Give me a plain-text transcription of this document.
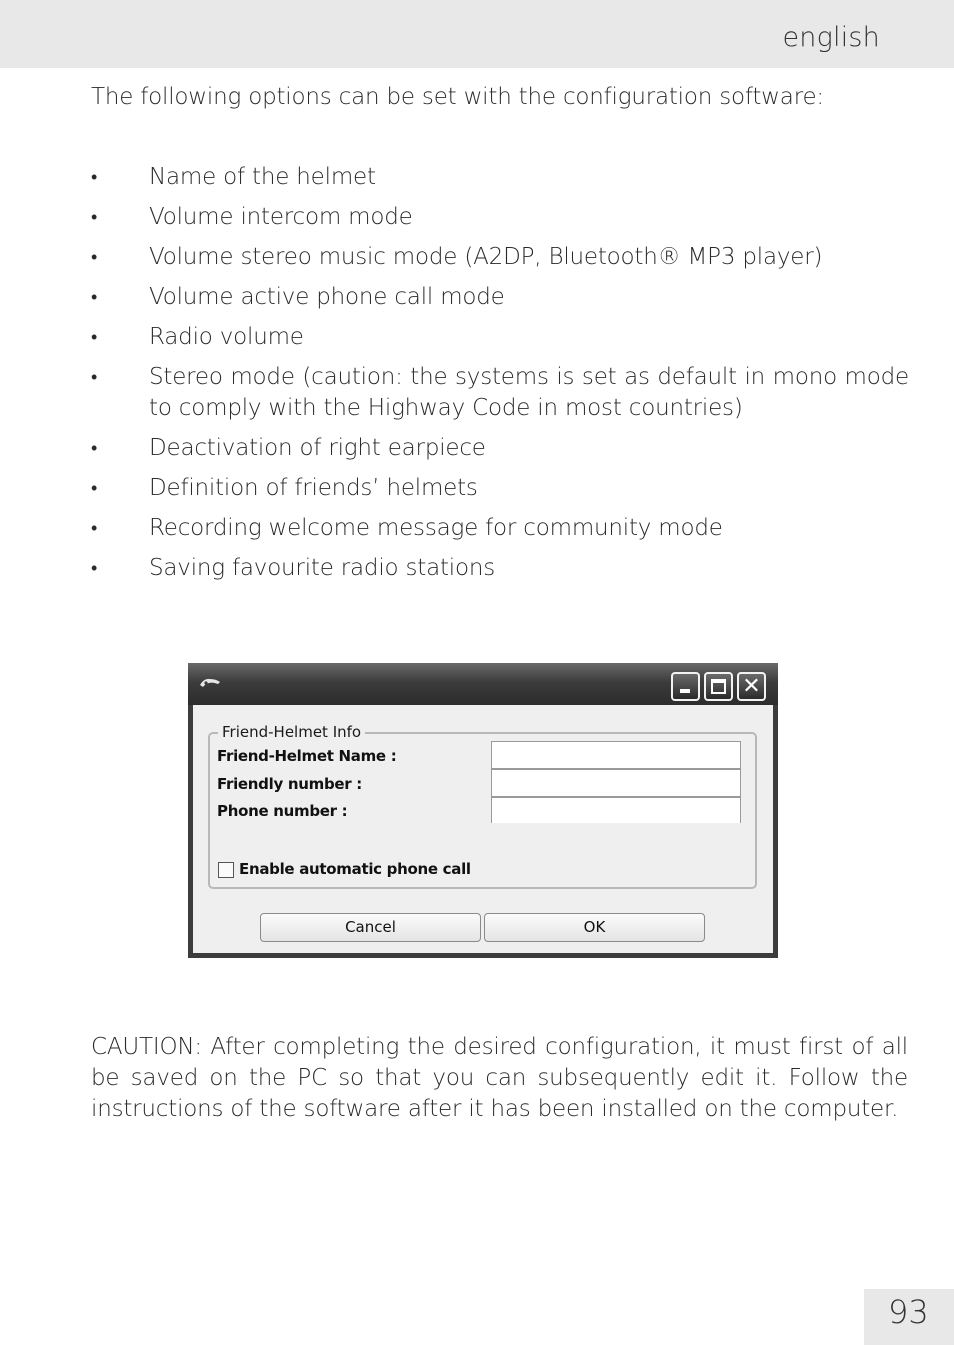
english
The following options can be set with the configuration software:
•	Name of the helmet
•	Volume intercom mode
•	Volume stereo music mode (A2DP, Bluetooth® MP3 player)
•	Volume active phone call mode
•	Radio volume
•	Stereo mode (caution: the systems is set as default in mono mode to comply with the Highway Code in most countries)
•	Deactivation of right earpiece
•	Definition of friends’ helmets
•	Recording welcome message for community mode
•	Saving favourite radio stations
✕
Friend-Helmet Info
Friend-Helmet Name :
Friendly number :
Phone number :
Enable automatic phone call
Cancel	OK
CAUTION: After completing the desired configuration, it must first of all be saved on the PC so that you can subsequently edit it. Follow the instructions of the software after it has been installed on the computer.
93
